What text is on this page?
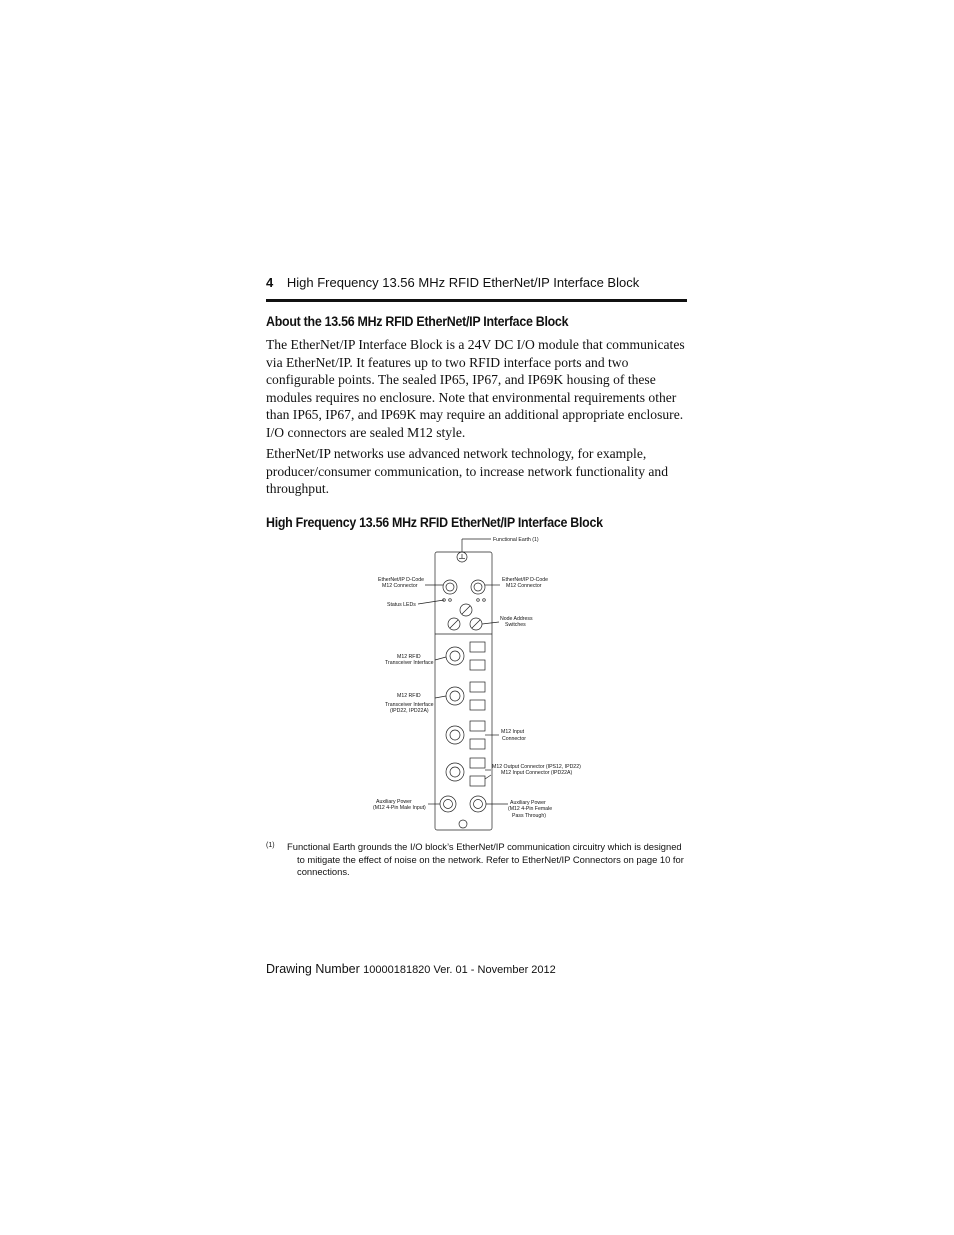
4 High Frequency 13.56 MHz RFID EtherNet/IP Interface Block
About the 13.56 MHz RFID EtherNet/IP Interface Block
The EtherNet/IP Interface Block is a 24V DC I/O module that communicates via EtherNet/IP. It features up to two RFID interface ports and two configurable points. The sealed IP65, IP67, and IP69K housing of these modules requires no enclosure. Note that environmental requirements other than IP65, IP67, and IP69K may require an additional appropriate enclosure. I/O connectors are sealed M12 style.
EtherNet/IP networks use advanced network technology, for example, producer/consumer communication, to increase network functionality and throughput.
High Frequency 13.56 MHz RFID EtherNet/IP Interface Block
Functional Earth (1)
EtherNet/IP D-Code
M12 Connector
EtherNet/IP D-Code
M12 Connector
Status LEDs
Node Address
Switches
M12 RFID
Transceiver Interface
M12 RFID
Transceiver Interface
(IPD22, IPD22A)
M12 Input
Connector
M12 Output Connector (IPS12, IPD22)
M12 Input Connector (IPD22A)
Auxiliary Power
(M12 4-Pin Male Input)
Auxiliary Power
(M12 4-Pin Female
Pass Through)
(1)	Functional Earth grounds the I/O block’s EtherNet/IP communication circuitry which is designed to mitigate the effect of noise on the network. Refer to EtherNet/IP Connectors on page 10 for connections.
Drawing Number 10000181820 Ver. 01 - November 2012
